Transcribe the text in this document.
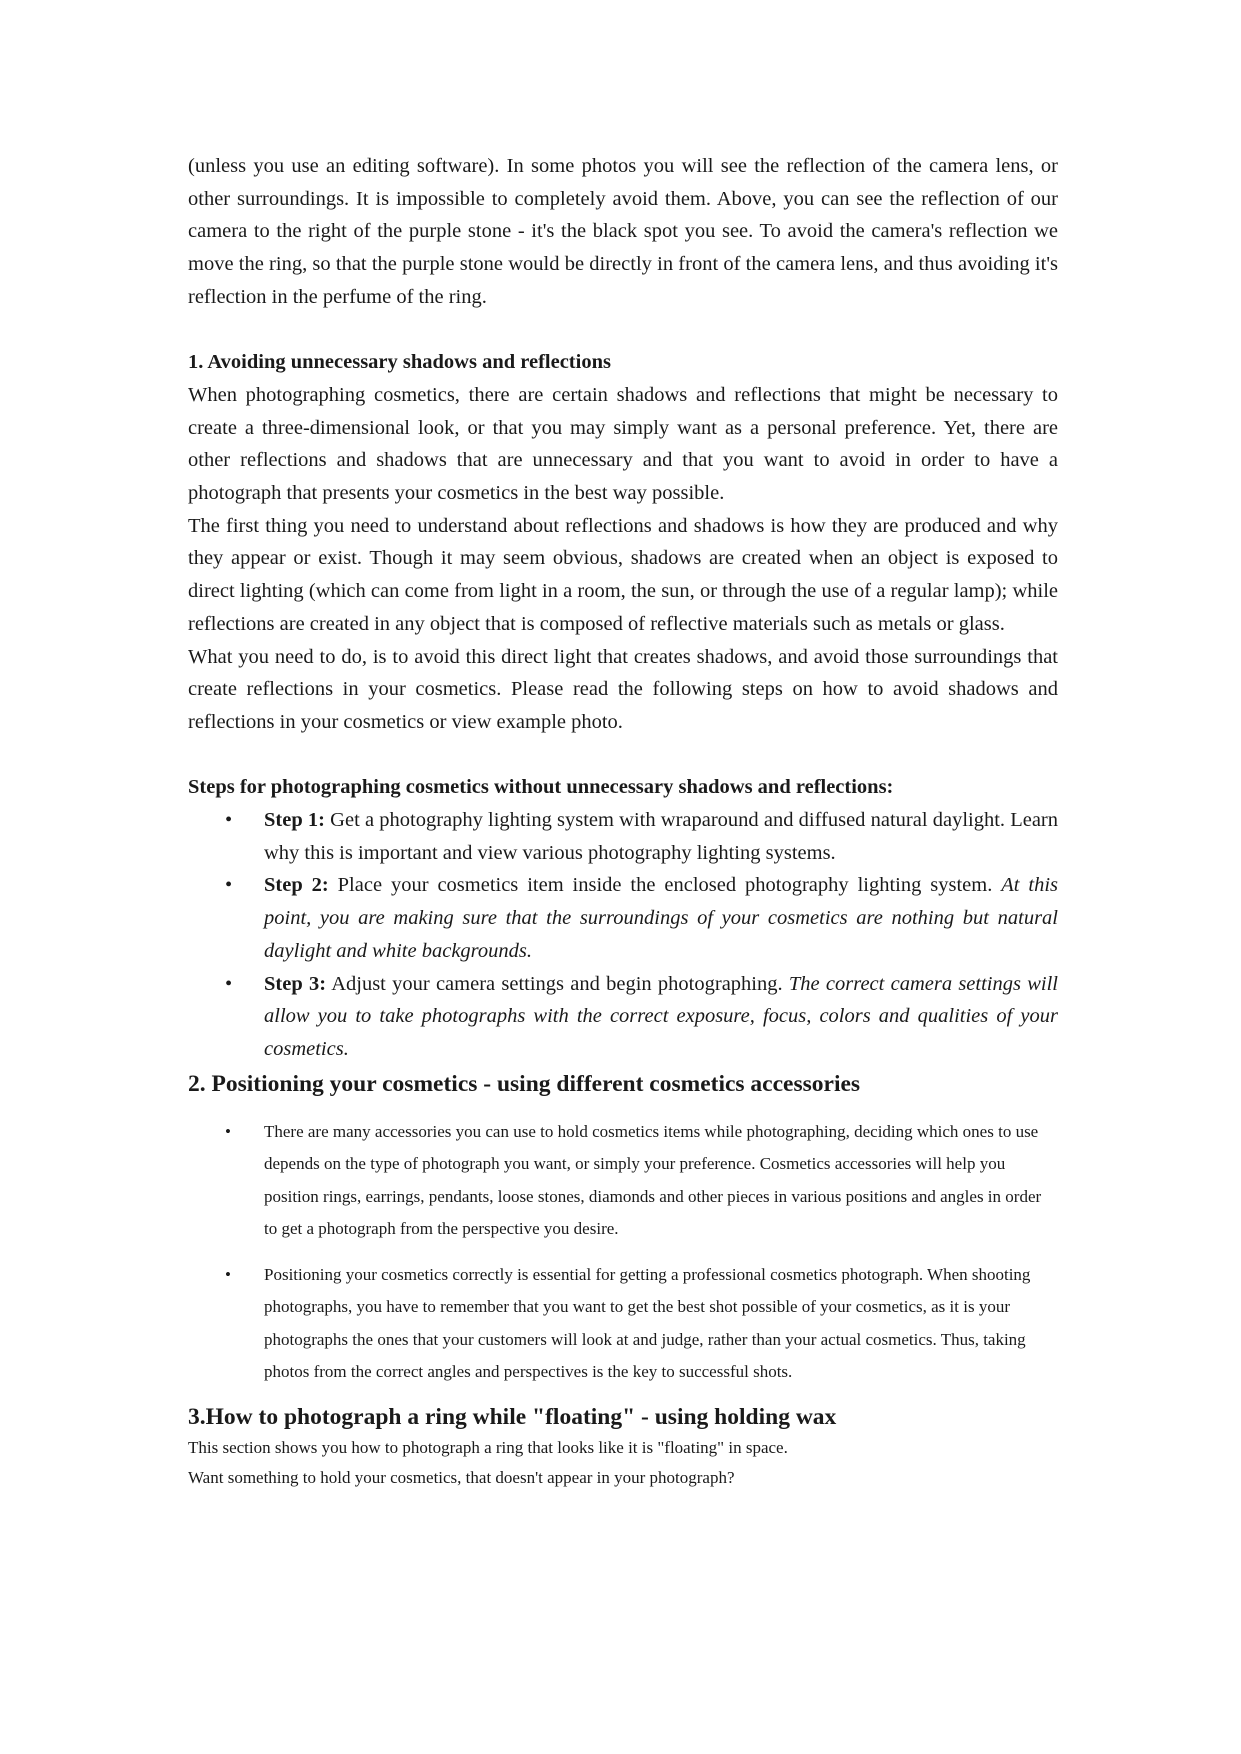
(unless you use an editing software). In some photos you will see the reflection of the camera lens, or other surroundings. It is impossible to completely avoid them. Above, you can see the reflection of our camera to the right of the purple stone - it's the black spot you see. To avoid the camera's reflection we move the ring, so that the purple stone would be directly in front of the camera lens, and thus avoiding it's reflection in the perfume of the ring.

1. Avoiding unnecessary shadows and reflections

When photographing cosmetics, there are certain shadows and reflections that might be necessary to create a three-dimensional look, or that you may simply want as a personal preference. Yet, there are other reflections and shadows that are unnecessary and that you want to avoid in order to have a photograph that presents your cosmetics in the best way possible.

The first thing you need to understand about reflections and shadows is how they are produced and why they appear or exist. Though it may seem obvious, shadows are created when an object is exposed to direct lighting (which can come from light in a room, the sun, or through the use of a regular lamp); while reflections are created in any object that is composed of reflective materials such as metals or glass.

What you need to do, is to avoid this direct light that creates shadows, and avoid those surroundings that create reflections in your cosmetics. Please read the following steps on how to avoid shadows and reflections in your cosmetics or view example photo.

Steps for photographing cosmetics without unnecessary shadows and reflections:

• Step 1: Get a photography lighting system with wraparound and diffused natural daylight. Learn why this is important and view various photography lighting systems.
• Step 2: Place your cosmetics item inside the enclosed photography lighting system. At this point, you are making sure that the surroundings of your cosmetics are nothing but natural daylight and white backgrounds.
• Step 3: Adjust your camera settings and begin photographing. The correct camera settings will allow you to take photographs with the correct exposure, focus, colors and qualities of your cosmetics.

2. Positioning your cosmetics - using different cosmetics accessories

• There are many accessories you can use to hold cosmetics items while photographing, deciding which ones to use depends on the type of photograph you want, or simply your preference. Cosmetics accessories will help you position rings, earrings, pendants, loose stones, diamonds and other pieces in various positions and angles in order to get a photograph from the perspective you desire.
• Positioning your cosmetics correctly is essential for getting a professional cosmetics photograph. When shooting photographs, you have to remember that you want to get the best shot possible of your cosmetics, as it is your photographs the ones that your customers will look at and judge, rather than your actual cosmetics. Thus, taking photos from the correct angles and perspectives is the key to successful shots.

3.How to photograph a ring while "floating" - using holding wax

This section shows you how to photograph a ring that looks like it is "floating" in space.

Want something to hold your cosmetics, that doesn't appear in your photograph?
